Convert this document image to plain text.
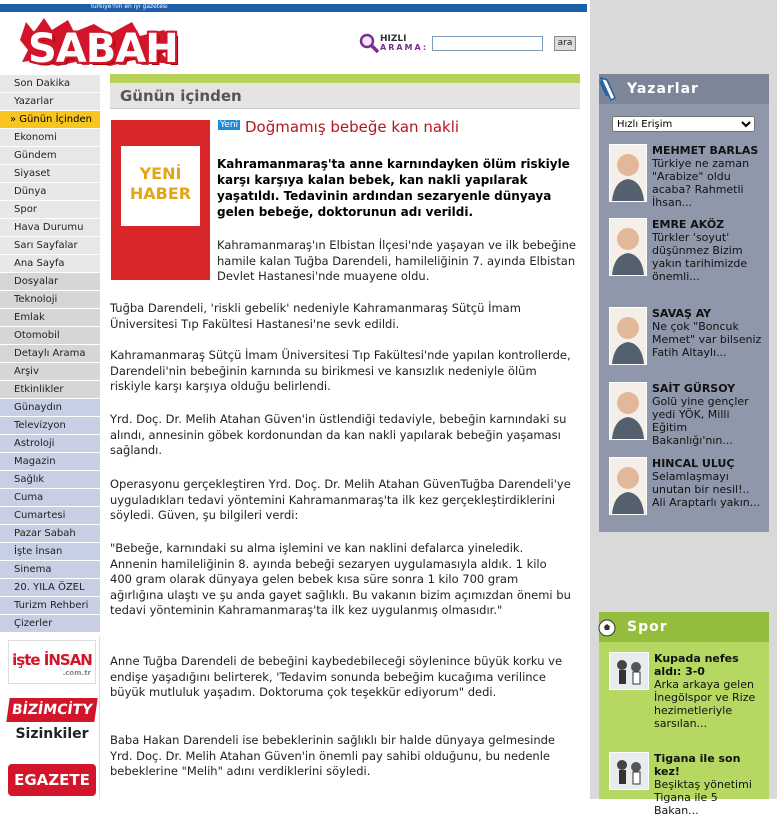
Türkiye'nin en iyi gazetesi
SABAH	HIZLI
ARAMA:	ara
Son Dakika
Yazarlar
» Günün İçinden
Ekonomi
Gündem
Siyaset
Dünya
Spor
Hava Durumu
Sarı Sayfalar
Ana Sayfa
Dosyalar
Teknoloji
Emlak
Otomobil
Detaylı Arama
Arşiv
Etkinlikler
Günaydın
Televizyon
Astroloji
Magazin
Sağlık
Cuma
Cumartesi
Pazar Sabah
İşte İnsan
Sinema
20. YILA ÖZEL
Turizm Rehberi
Çizerler
işte İNSAN
.com.tr
BİZİMCİTY
Sizinkiler
EGAZETE
Günün içinden
YENİ
HABER
Yeni Doğmamış bebeğe kan nakli
Kahramanmaraş'ta anne karnındayken ölüm riskiyle karşı karşıya kalan bebek, kan nakli yapılarak yaşatıldı. Tedavinin ardından sezaryenle dünyaya gelen bebeğe, doktorunun adı verildi.
Kahramanmaraş'ın Elbistan İlçesi'nde yaşayan ve ilk bebeğine hamile kalan Tuğba Darendeli, hamileliğinin 7. ayında Elbistan Devlet Hastanesi'nde muayene oldu.
Tuğba Darendeli, 'riskli gebelik' nedeniyle Kahramanmaraş Sütçü İmam Üniversitesi Tıp Fakültesi Hastanesi'ne sevk edildi.
Kahramanmaraş Sütçü İmam Üniversitesi Tıp Fakültesi'nde yapılan kontrollerde, Darendeli'nin bebeğinin karnında su birikmesi ve kansızlık nedeniyle ölüm riskiyle karşı karşıya olduğu belirlendi.
Yrd. Doç. Dr. Melih Atahan Güven'in üstlendiği tedaviyle, bebeğin karnındaki su alındı, annesinin göbek kordonundan da kan nakli yapılarak bebeğin yaşaması sağlandı.
Operasyonu gerçekleştiren Yrd. Doç. Dr. Melih Atahan GüvenTuğba Darendeli'ye uyguladıkları tedavi yöntemini Kahramanmaraş'ta ilk kez gerçekleştirdiklerini söyledi. Güven, şu bilgileri verdi:
"Bebeğe, karnındaki su alma işlemini ve kan naklini defalarca yineledik. Annenin hamileliğinin 8. ayında bebeği sezaryen uygulamasıyla aldık. 1 kilo 400 gram olarak dünyaya gelen bebek kısa süre sonra 1 kilo 700 gram ağırlığına ulaştı ve şu anda gayet sağlıklı. Bu vakanın bizim açımızdan önemi bu tedavi yönteminin Kahramanmaraş'ta ilk kez uygulanmış olmasıdır."
Anne Tuğba Darendeli de bebeğini kaybedebileceği söylenince büyük korku ve endişe yaşadığını belirterek, 'Tedavim sonunda bebeğim kucağıma verilince büyük mutluluk yaşadım. Doktoruma çok teşekkür ediyorum" dedi.
Baba Hakan Darendeli ise bebeklerinin sağlıklı bir halde dünyaya gelmesinde Yrd. Doç. Dr. Melih Atahan Güven'in önemli pay sahibi olduğunu, bu nedenle bebeklerine "Melih" adını verdiklerini söyledi.
Yazarlar
Hızlı Erişim
MEHMET BARLAS
Türkiye ne zaman "Arabize" oldu acaba? Rahmetli İhsan...
EMRE AKÖZ
Türkler 'soyut' düşünmez Bizim yakın tarihimizde önemli...
SAVAŞ AY
Ne çok "Boncuk Memet" var bilseniz Fatih Altaylı...
SAİT GÜRSOY
Golü yine gençler yedi YÖK, Milli Eğitim Bakanlığı'nın...
HINCAL ULUÇ
Selamlaşmayı unutan bir nesil!.. Ali Araptarlı yakın...
Spor
Kupada nefes aldı: 3-0
Arka arkaya gelen İnegölspor ve Rize hezimetleriyle sarsılan...
Tigana ile son kez!
Beşiktaş yönetimi Tigana ile 5 Bakan...
